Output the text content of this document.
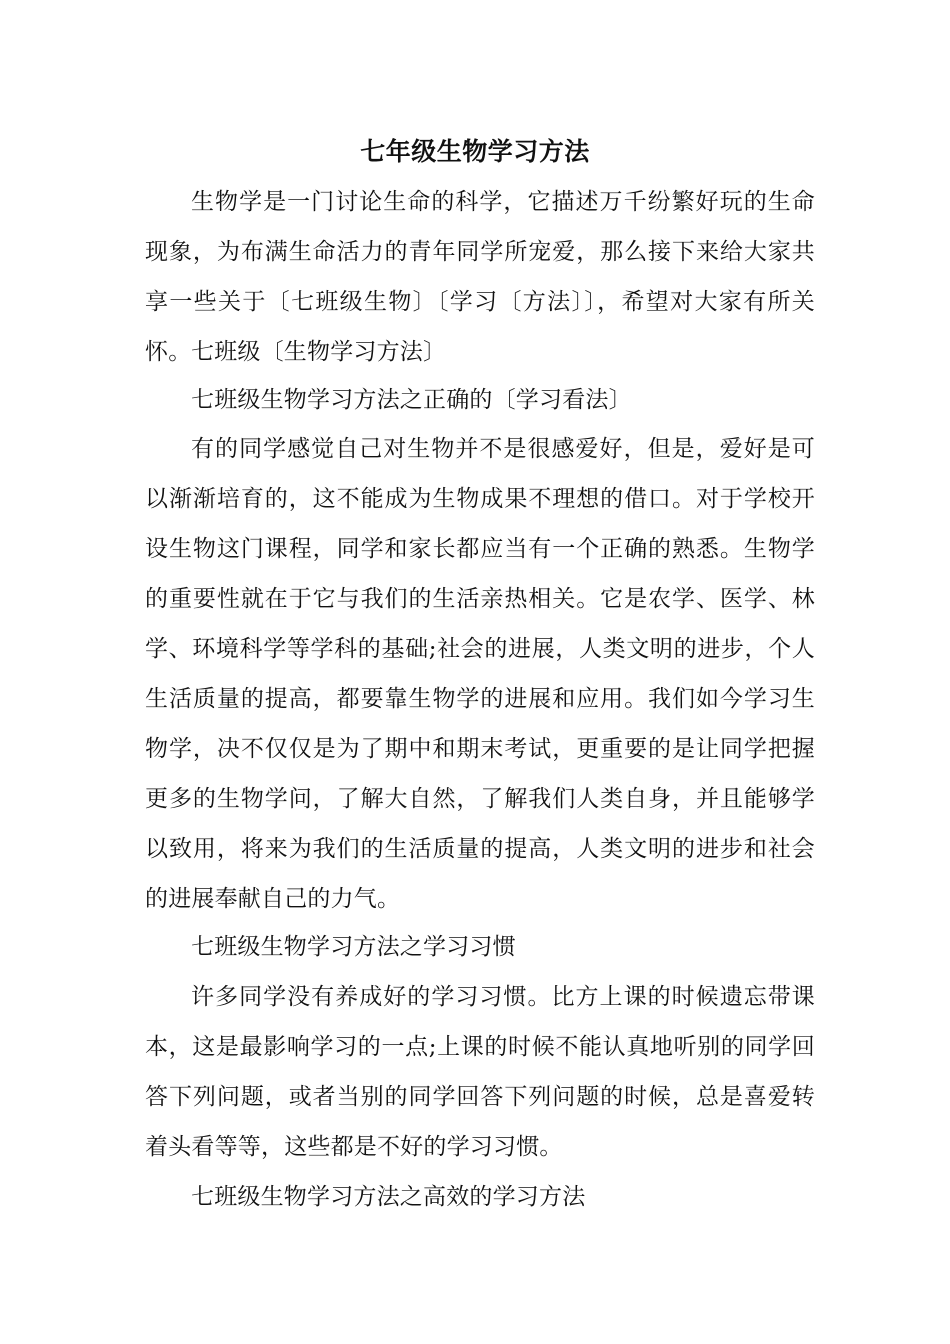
七年级生物学习方法

生物学是一门讨论生命的科学，它描述万千纷繁好玩的生命现象，为布满生命活力的青年同学所宠爱，那么接下来给大家共享一些关于〔七班级生物〕〔学习〔方法〕〕，希望对大家有所关怀。 七班级〔生物学习方法〕

七班级生物学习方法之正确的〔学习看法〕

有的同学感觉自己对生物并不是很感爱好，但是，爱好是可以渐渐培育的，这不能成为生物成果不理想的借口。对于学校开设生物这门课程，同学和家长都应当有一个正确的熟悉。生物学的重要性就在于它与我们的生活亲热相关。它是农学、医学、林学、环境科学等学科的基础;社会的进展，人类文明的进步，个人生活质量的提高，都要靠生物学的进展和应用。我们如今学习生物学，决不仅仅是为了期中和期末考试，更重要的是让同学把握更多的生物学问，了解大自然，了解我们人类自身，并且能够学以致用，将来为我们的生活质量的提高，人类文明的进步和社会的进展奉献自己的力气。

七班级生物学习方法之学习习惯

许多同学没有养成好的学习习惯。比方上课的时候遗忘带课本，这是最影响学习的一点;上课的时候不能认真地听别的同学回答下列问题，或者当别的同学回答下列问题的时候，总是喜爱转着头看等等，这些都是不好的学习习惯。

七班级生物学习方法之高效的学习方法
